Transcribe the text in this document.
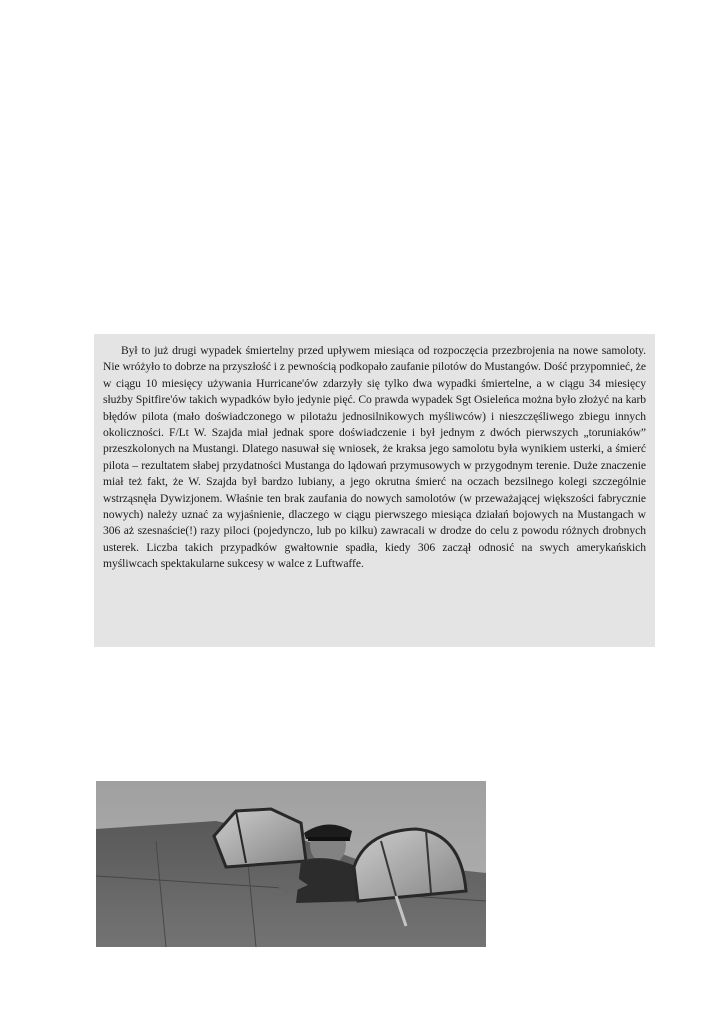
Był to już drugi wypadek śmiertelny przed upływem miesiąca od rozpoczęcia przezbrojenia na nowe samoloty. Nie wróżyło to dobrze na przyszłość i z pewnością podkopało zaufanie pilotów do Mustangów. Dość przypomnieć, że w ciągu 10 miesięcy używania Hurricane'ów zdarzyły się tylko dwa wypadki śmiertelne, a w ciągu 34 miesięcy służby Spitfire'ów takich wypadków było jedynie pięć. Co prawda wypadek Sgt Osieleńca można było złożyć na karb błędów pilota (mało doświadczonego w pilotażu jednosilnikowych myśliwców) i nieszczęśliwego zbiegu innych okoliczności. F/Lt W. Szajda miał jednak spore doświadczenie i był jednym z dwóch pierwszych „toruniaków” przeszkolonych na Mustangi. Dlatego nasuwał się wniosek, że kraksa jego samolotu była wynikiem usterki, a śmierć pilota – rezultatem słabej przydatności Mustanga do lądowań przymusowych w przygodnym terenie. Duże znaczenie miał też fakt, że W. Szajda był bardzo lubiany, a jego okrutna śmierć na oczach bezsilnego kolegi szczególnie wstrząsnęła Dywizjonem. Właśnie ten brak zaufania do nowych samolotów (w przeważającej większości fabrycznie nowych) należy uznać za wyjaśnienie, dlaczego w ciągu pierwszego miesiąca działań bojowych na Mustangach w 306 aż szesnaście(!) razy piloci (pojedynczo, lub po kilku) zawracali w drodze do celu z powodu różnych drobnych usterek. Liczba takich przypadków gwałtownie spadła, kiedy 306 zaczął odnosić na swych amerykańskich myśliwcach spektakularne sukcesy w walce z Luftwaffe.
